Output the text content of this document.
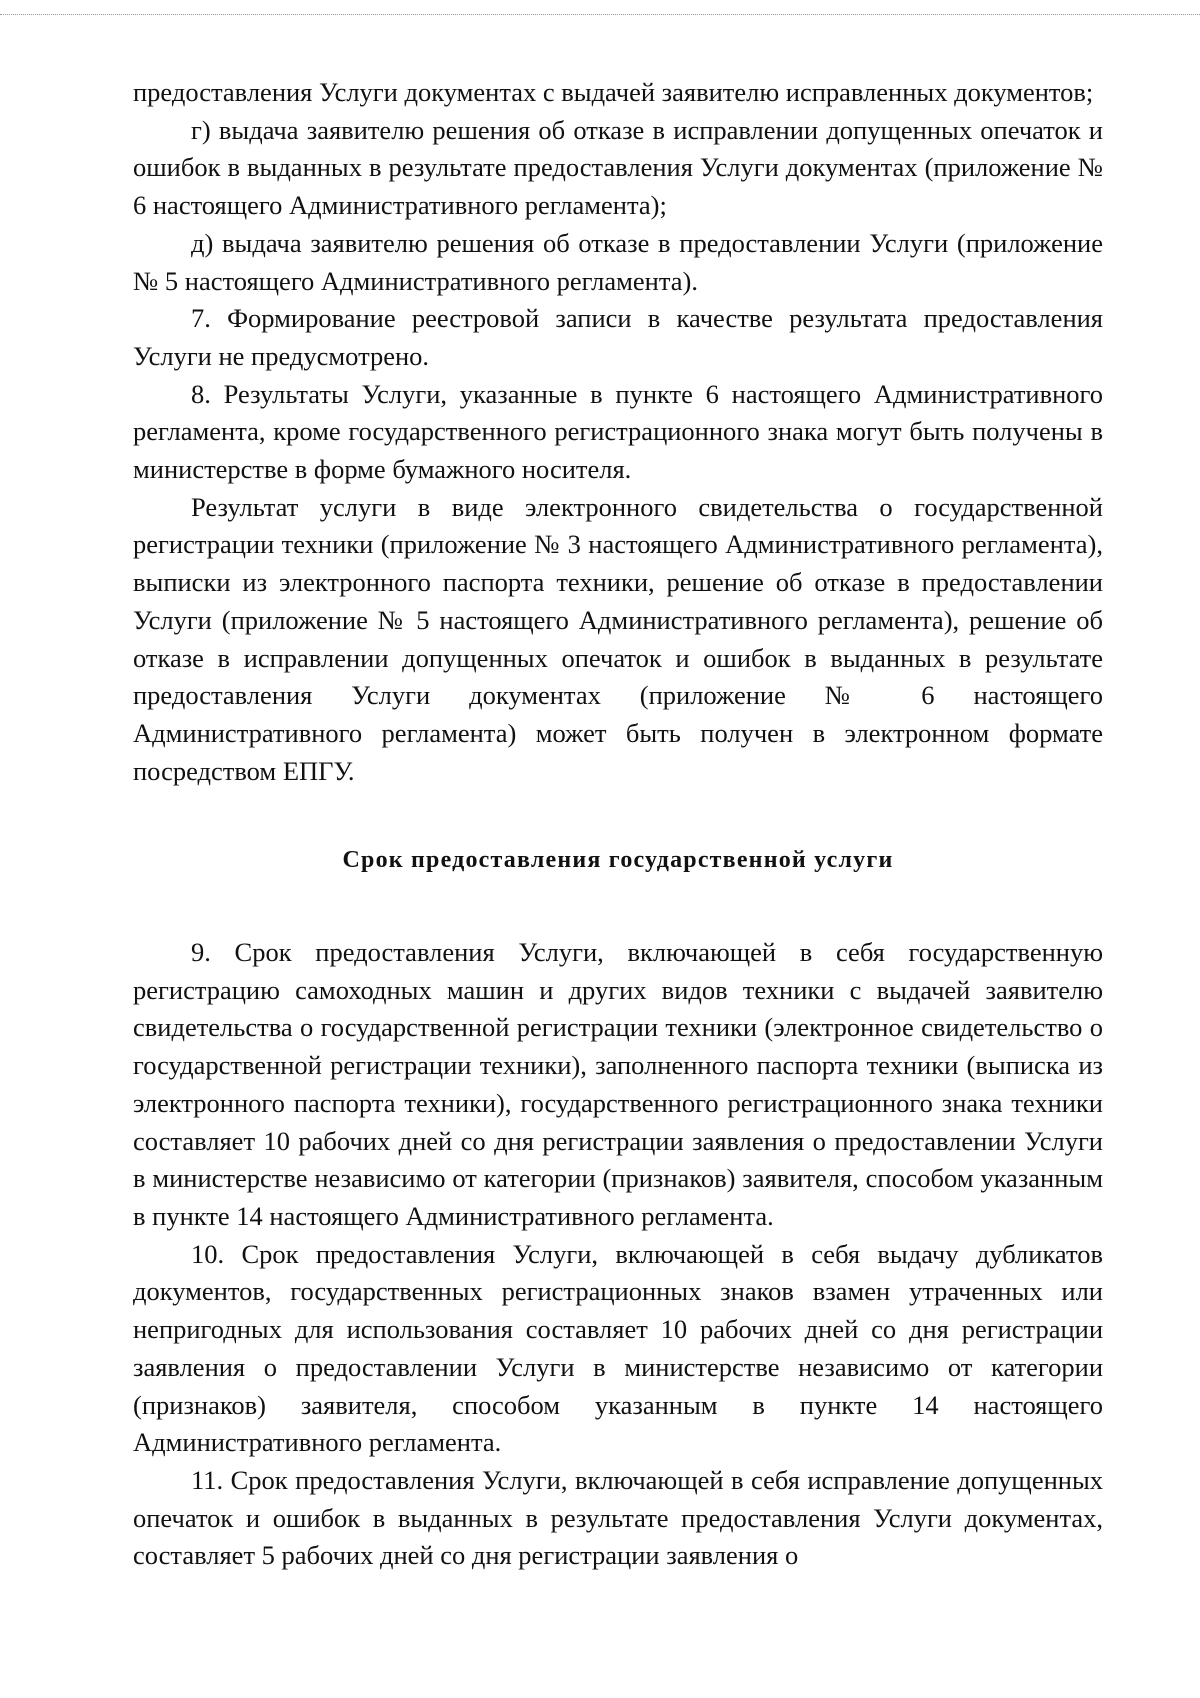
предоставления Услуги документах с выдачей заявителю исправленных документов;

г) выдача заявителю решения об отказе в исправлении допущенных опечаток и ошибок в выданных в результате предоставления Услуги документах (приложение № 6 настоящего Административного регламента);

д) выдача заявителю решения об отказе в предоставлении Услуги (приложение № 5 настоящего Административного регламента).

7. Формирование реестровой записи в качестве результата предоставления Услуги не предусмотрено.

8. Результаты Услуги, указанные в пункте 6 настоящего Административного регламента, кроме государственного регистрационного знака могут быть получены в министерстве в форме бумажного носителя.

Результат услуги в виде электронного свидетельства о государственной регистрации техники (приложение № 3 настоящего Административного регламента), выписки из электронного паспорта техники, решение об отказе в предоставлении Услуги (приложение № 5 настоящего Административного регламента), решение об отказе в исправлении допущенных опечаток и ошибок в выданных в результате предоставления Услуги документах (приложение № 6 настоящего Административного регламента) может быть получен в электронном формате посредством ЕПГУ.

Срок предоставления государственной услуги

9. Срок предоставления Услуги, включающей в себя государственную регистрацию самоходных машин и других видов техники с выдачей заявителю свидетельства о государственной регистрации техники (электронное свидетельство о государственной регистрации техники), заполненного паспорта техники (выписка из электронного паспорта техники), государственного регистрационного знака техники составляет 10 рабочих дней со дня регистрации заявления о предоставлении Услуги в министерстве независимо от категории (признаков) заявителя, способом указанным в пункте 14 настоящего Административного регламента.

10. Срок предоставления Услуги, включающей в себя выдачу дубликатов документов, государственных регистрационных знаков взамен утраченных или непригодных для использования составляет 10 рабочих дней со дня регистрации заявления о предоставлении Услуги в министерстве независимо от категории (признаков) заявителя, способом указанным в пункте 14 настоящего Административного регламента.

11. Срок предоставления Услуги, включающей в себя исправление допущенных опечаток и ошибок в выданных в результате предоставления Услуги документах, составляет 5 рабочих дней со дня регистрации заявления о
